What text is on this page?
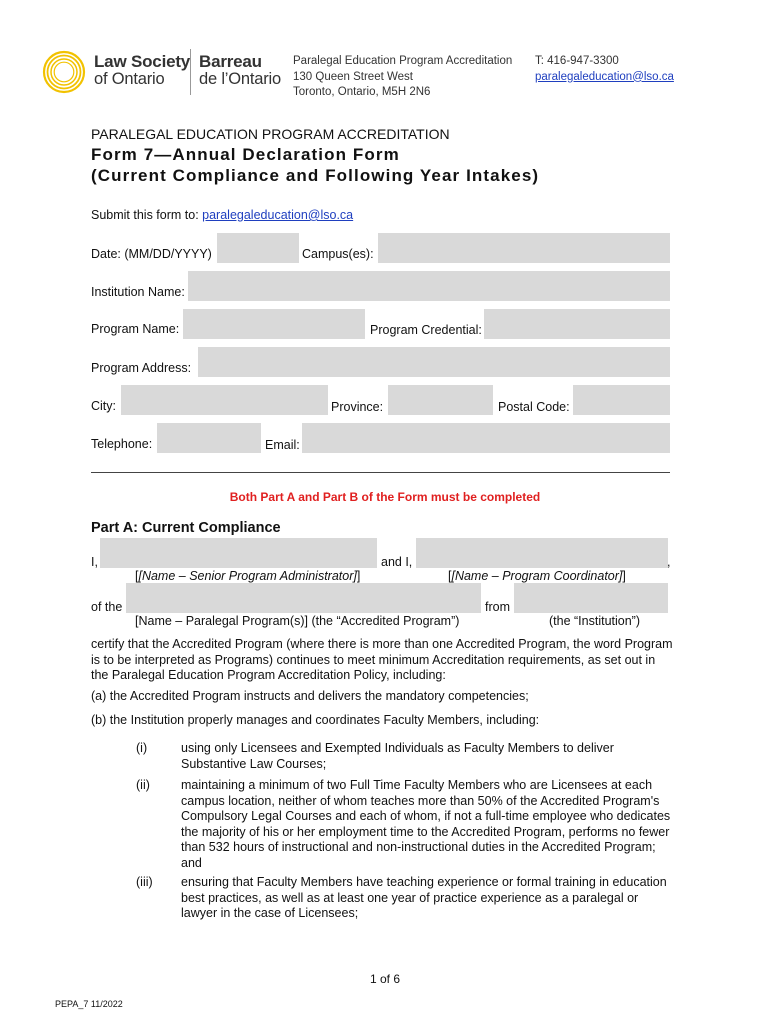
Law Society
of Ontario
Barreau
de l’Ontario
Paralegal Education Program Accreditation
130 Queen Street West
Toronto, Ontario, M5H 2N6
T: 416-947-3300
paralegaleducation@lso.ca
PARALEGAL EDUCATION PROGRAM ACCREDITATION
Form 7—Annual Declaration Form
(Current Compliance and Following Year Intakes)
Submit this form to: paralegaleducation@lso.ca
Date: (MM/DD/YYYY)	Campus(es):
Institution Name:
Program Name:	Program Credential:
Program Address:
City:	Province:	Postal Code:
Telephone:	Email:
Both Part A and Part B of the Form must be completed
Part A: Current Compliance
I,	and I,	,
[[Name – Senior Program Administrator]]	[[Name – Program Coordinator]]
of the	from
[Name – Paralegal Program(s)] (the “Accredited Program”)	(the “Institution”)
certify that the Accredited Program (where there is more than one Accredited Program, the word Program
is to be interpreted as Programs) continues to meet minimum Accreditation requirements, as set out in
the Paralegal Education Program Accreditation Policy, including:
(a) the Accredited Program instructs and delivers the mandatory competencies;
(b) the Institution properly manages and coordinates Faculty Members, including:
(i)	using only Licensees and Exempted Individuals as Faculty Members to deliver
Substantive Law Courses;
(ii) maintaining a minimum of two Full Time Faculty Members who are Licensees at each
campus location, neither of whom teaches more than 50% of the Accredited Program's
Compulsory Legal Courses and each of whom, if not a full-time employee who dedicates
the majority of his or her employment time to the Accredited Program, performs no fewer
than 532 hours of instructional and non-instructional duties in the Accredited Program;
and
(iii) ensuring that Faculty Members have teaching experience or formal training in education
best practices, as well as at least one year of practice experience as a paralegal or
lawyer in the case of Licensees;
1 of 6
PEPA_7 11/2022
